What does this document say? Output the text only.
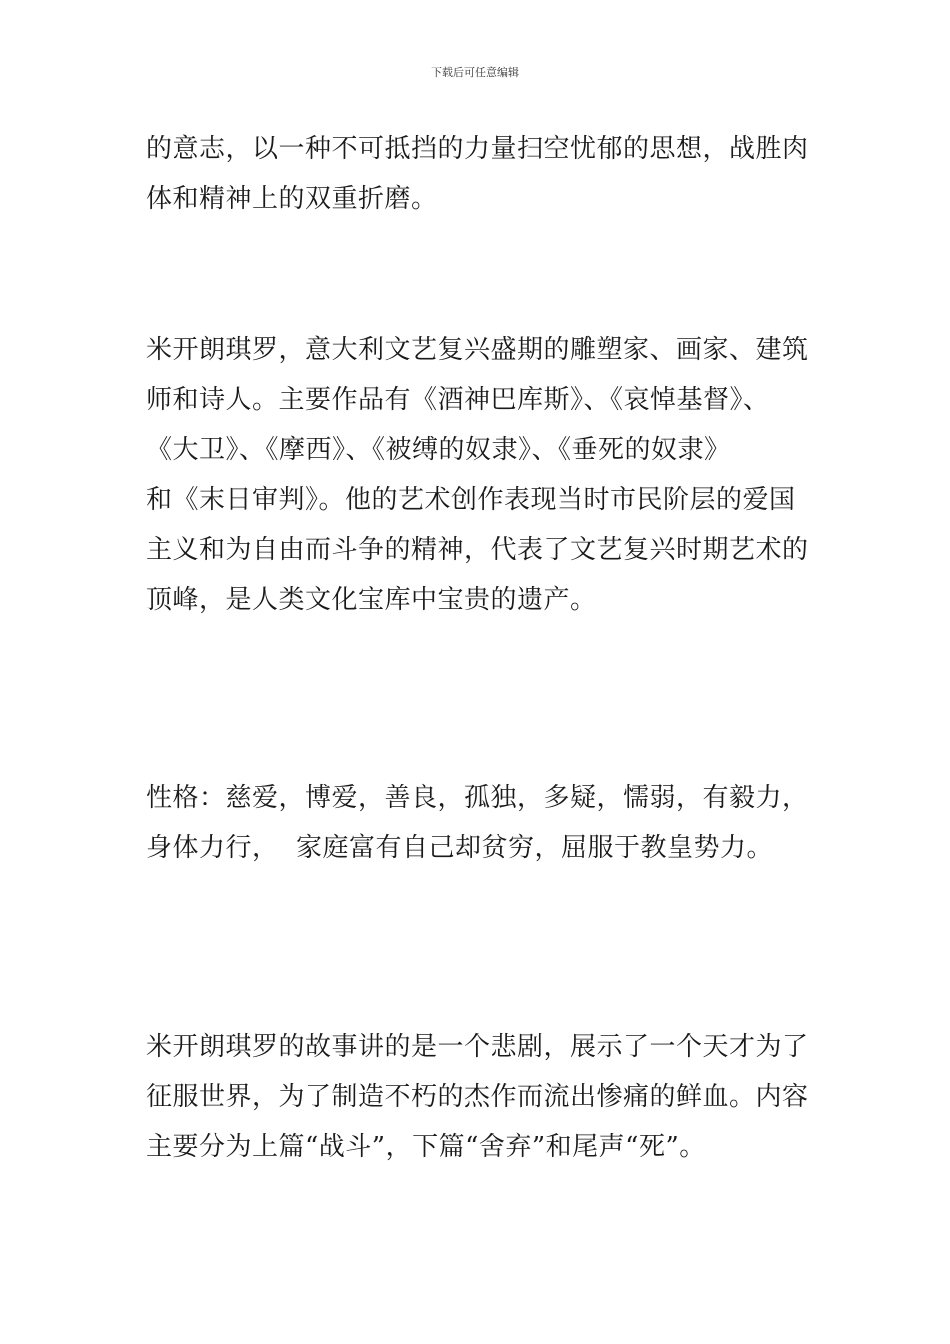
下载后可任意编辑
的意志，以一种不可抵挡的力量扫空忧郁的思想，战胜肉
体和精神上的双重折磨。
米开朗琪罗，意大利文艺复兴盛期的雕塑家、画家、建筑
师和诗人。主要作品有《酒神巴库斯》、《哀悼基督》、
《大卫》、《摩西》、《被缚的奴隶》、《垂死的奴隶》
和《末日审判》。他的艺术创作表现当时市民阶层的爱国
主义和为自由而斗争的精神，代表了文艺复兴时期艺术的
顶峰，是人类文化宝库中宝贵的遗产。
性格：慈爱，博爱，善良，孤独，多疑，懦弱，有毅力，
身体力行，  家庭富有自己却贫穷，屈服于教皇势力。
米开朗琪罗的故事讲的是一个悲剧，展示了一个天才为了
征服世界，为了制造不朽的杰作而流出惨痛的鲜血。内容
主要分为上篇“战斗”，下篇“舍弃”和尾声“死”。
